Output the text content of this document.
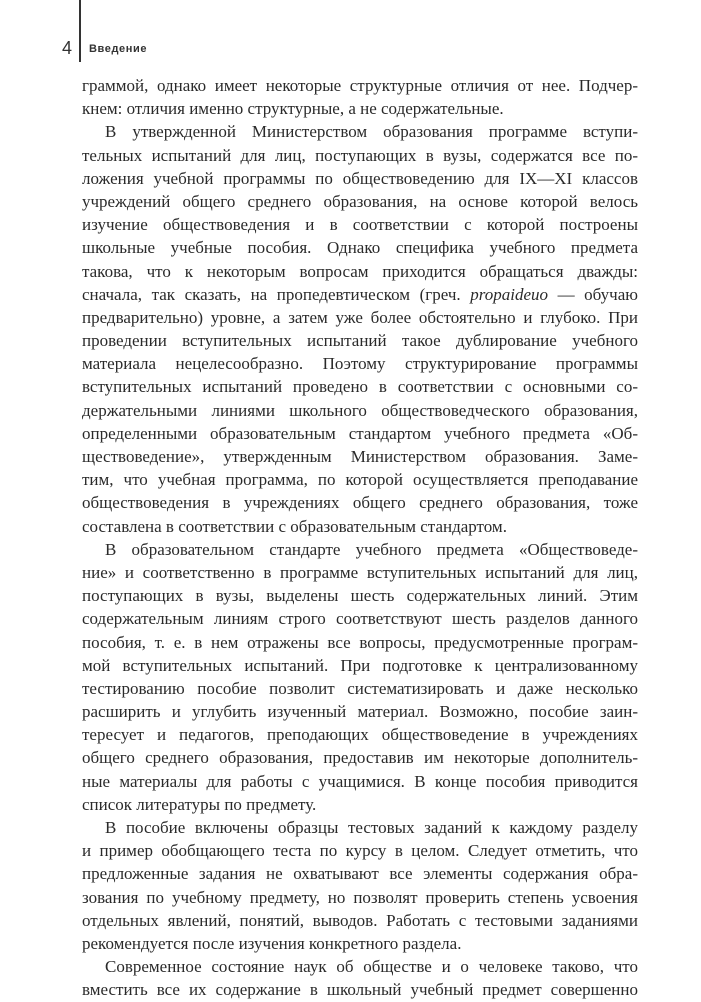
4 Введение
граммой, однако имеет некоторые структурные отличия от нее. Подчер-
кнем: отличия именно структурные, а не содержательные.
В утвержденной Министерством образования программе вступи-
тельных испытаний для лиц, поступающих в вузы, содержатся все по-
ложения учебной программы по обществоведению для IX—XI классов
учреждений общего среднего образования, на основе которой велось
изучение обществоведения и в соответствии с которой построены
школьные учебные пособия. Однако специфика учебного предмета
такова, что к некоторым вопросам приходится обращаться дважды:
сначала, так сказать, на пропедевтическом (греч. propaideuo — обучаю
предварительно) уровне, а затем уже более обстоятельно и глубоко. При
проведении вступительных испытаний такое дублирование учебного
материала нецелесообразно. Поэтому структурирование программы
вступительных испытаний проведено в соответствии с основными со-
держательными линиями школьного обществоведческого образования,
определенными образовательным стандартом учебного предмета «Об-
ществоведение», утвержденным Министерством образования. Заме-
тим, что учебная программа, по которой осуществляется преподавание
обществоведения в учреждениях общего среднего образования, тоже
составлена в соответствии с образовательным стандартом.
В образовательном стандарте учебного предмета «Обществоведе-
ние» и соответственно в программе вступительных испытаний для лиц,
поступающих в вузы, выделены шесть содержательных линий. Этим
содержательным линиям строго соответствуют шесть разделов данного
пособия, т. е. в нем отражены все вопросы, предусмотренные програм-
мой вступительных испытаний. При подготовке к централизованному
тестированию пособие позволит систематизировать и даже несколько
расширить и углубить изученный материал. Возможно, пособие заин-
тересует и педагогов, преподающих обществоведение в учреждениях
общего среднего образования, предоставив им некоторые дополнитель-
ные материалы для работы с учащимися. В конце пособия приводится
список литературы по предмету.
В пособие включены образцы тестовых заданий к каждому разделу
и пример обобщающего теста по курсу в целом. Следует отметить, что
предложенные задания не охватывают все элементы содержания обра-
зования по учебному предмету, но позволят проверить степень усвоения
отдельных явлений, понятий, выводов. Работать с тестовыми заданиями
рекомендуется после изучения конкретного раздела.
Современное состояние наук об обществе и о человеке таково, что
вместить все их содержание в школьный учебный предмет совершенно
